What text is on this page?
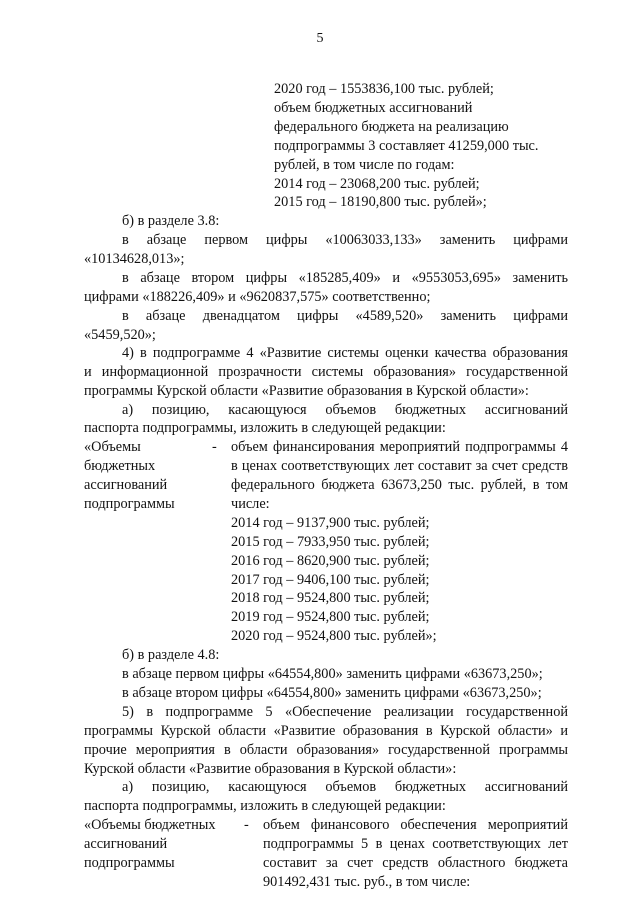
5
2020 год – 1553836,100 тыс. рублей;
объем бюджетных ассигнований
федерального бюджета на реализацию
подпрограммы 3 составляет 41259,000 тыс.
рублей, в том числе по годам:
2014 год – 23068,200 тыс. рублей;
2015 год – 18190,800 тыс. рублей»;
б) в разделе 3.8:
в абзаце первом цифры «10063033,133» заменить цифрами
«10134628,013»;
в абзаце втором цифры «185285,409» и «9553053,695» заменить
цифрами «188226,409» и «9620837,575» соответственно;
в абзаце двенадцатом цифры «4589,520» заменить цифрами
«5459,520»;
4) в подпрограмме 4 «Развитие системы оценки качества образования
и информационной прозрачности системы образования» государственной
программы Курской области «Развитие образования в Курской области»:
а) позицию, касающуюся объемов бюджетных ассигнований
паспорта подпрограммы, изложить в следующей редакции:
«Объемы
бюджетных
ассигнований
подпрограммы
- объем финансирования мероприятий подпрограммы 4
в ценах соответствующих лет составит за счет средств
федерального бюджета 63673,250 тыс. рублей, в том
числе:
2014 год – 9137,900 тыс. рублей;
2015 год – 7933,950 тыс. рублей;
2016 год – 8620,900 тыс. рублей;
2017 год – 9406,100 тыс. рублей;
2018 год – 9524,800 тыс. рублей;
2019 год – 9524,800 тыс. рублей;
2020 год – 9524,800 тыс. рублей»;
б) в разделе 4.8:
в абзаце первом цифры «64554,800» заменить цифрами «63673,250»;
в абзаце втором цифры «64554,800» заменить цифрами «63673,250»;
5) в подпрограмме 5 «Обеспечение реализации государственной
программы Курской области «Развитие образования в Курской области» и
прочие мероприятия в области образования» государственной программы
Курской области «Развитие образования в Курской области»:
а) позицию, касающуюся объемов бюджетных ассигнований
паспорта подпрограммы, изложить в следующей редакции:
«Объемы бюджетных
ассигнований
подпрограммы
- объем финансового обеспечения мероприятий
подпрограммы 5 в ценах соответствующих лет
составит за счет средств областного бюджета
901492,431 тыс. руб., в том числе:
